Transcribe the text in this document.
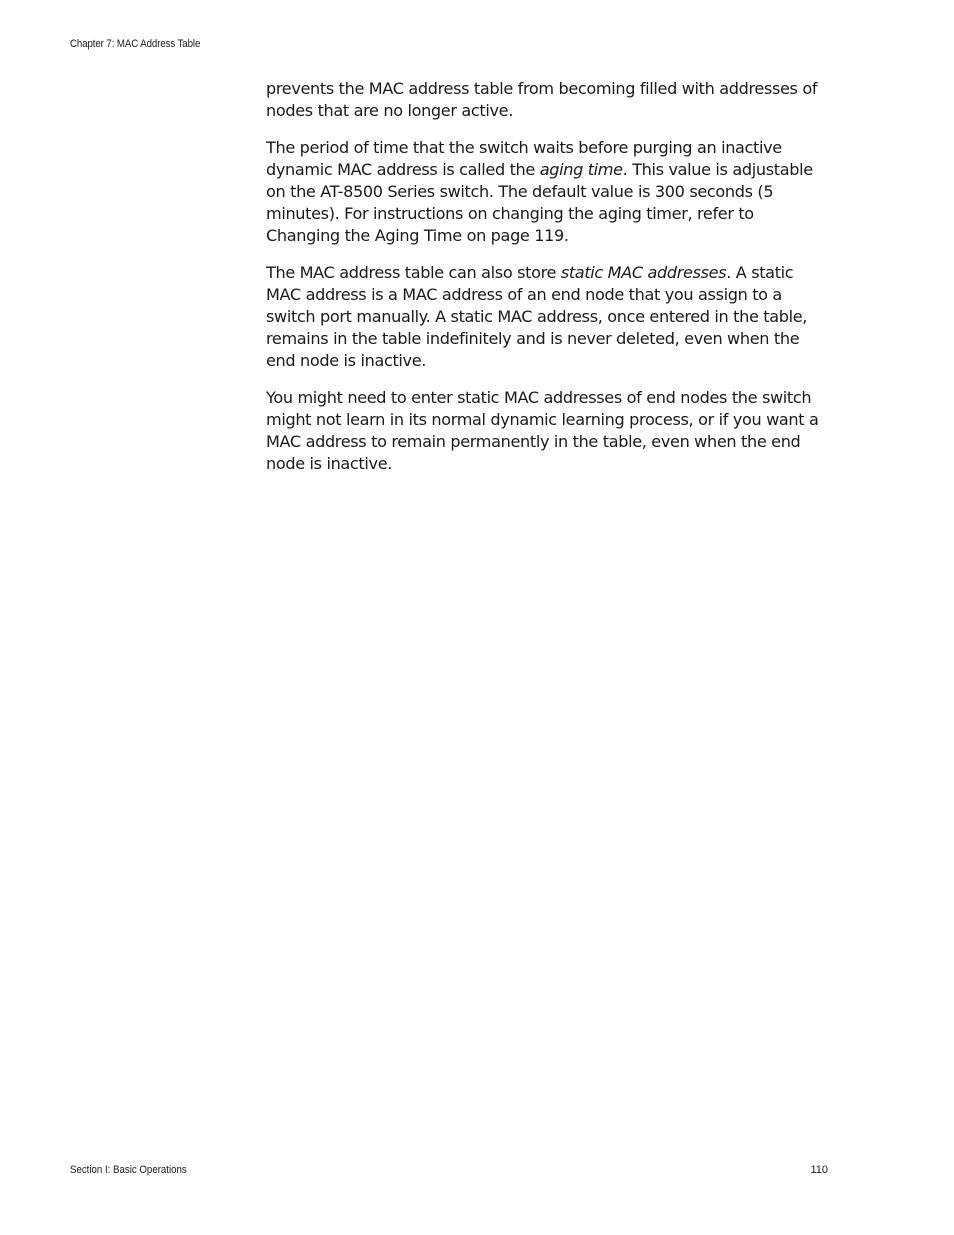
Chapter 7: MAC Address Table

prevents the MAC address table from becoming filled with addresses of nodes that are no longer active.

The period of time that the switch waits before purging an inactive dynamic MAC address is called the aging time. This value is adjustable on the AT-8500 Series switch. The default value is 300 seconds (5 minutes). For instructions on changing the aging timer, refer to Changing the Aging Time on page 119.

The MAC address table can also store static MAC addresses. A static MAC address is a MAC address of an end node that you assign to a switch port manually. A static MAC address, once entered in the table, remains in the table indefinitely and is never deleted, even when the end node is inactive.

You might need to enter static MAC addresses of end nodes the switch might not learn in its normal dynamic learning process, or if you want a MAC address to remain permanently in the table, even when the end node is inactive.

Section I: Basic Operations	110
